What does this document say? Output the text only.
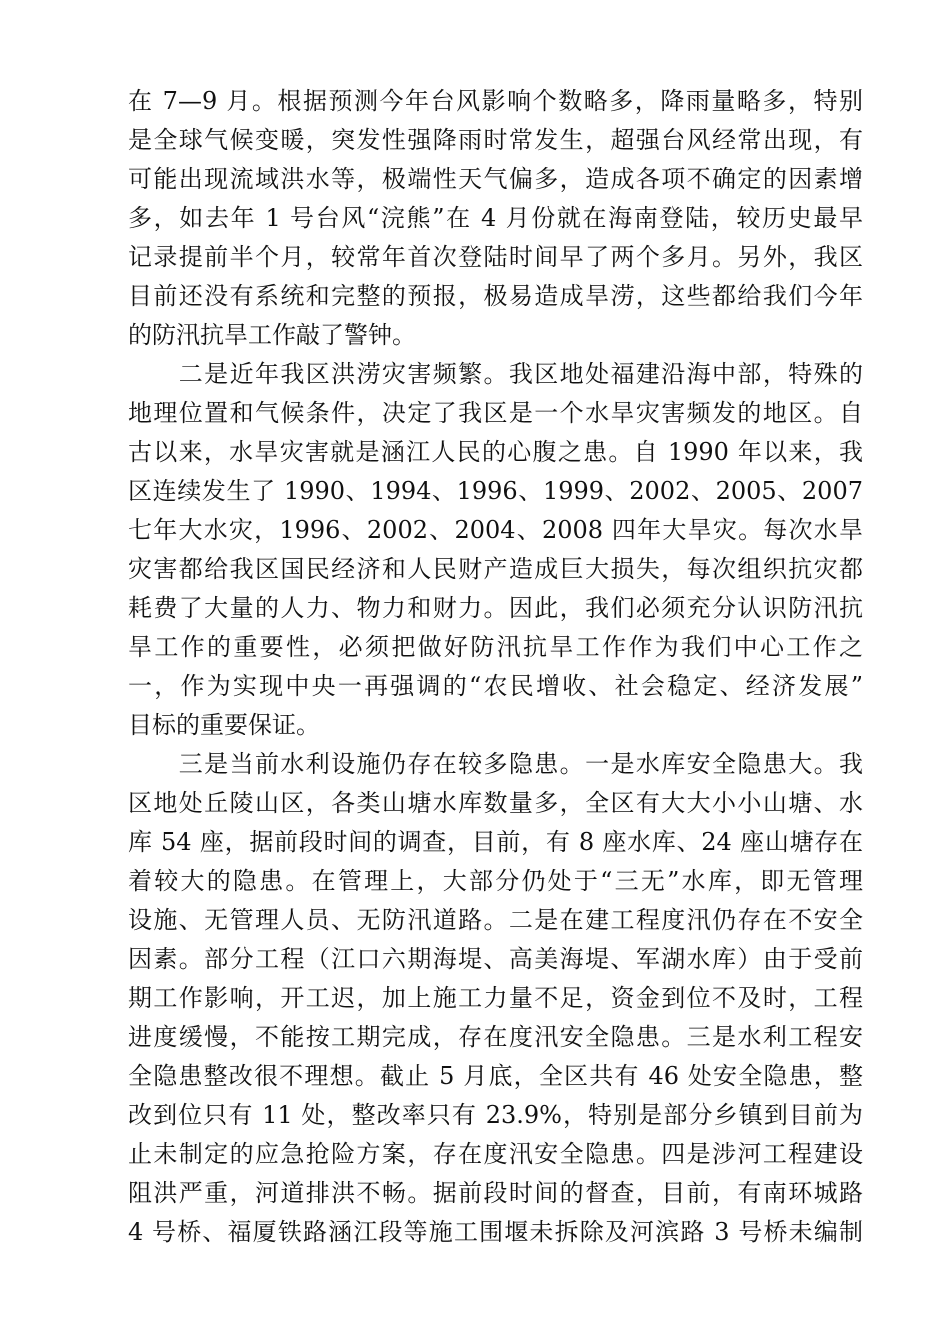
在 7—9 月。根据预测今年台风影响个数略多，降雨量略多，特别
是全球气候变暖，突发性强降雨时常发生，超强台风经常出现，有
可能出现流域洪水等，极端性天气偏多，造成各项不确定的因素增
多，如去年 1 号台风“浣熊”在 4 月份就在海南登陆，较历史最早
记录提前半个月，较常年首次登陆时间早了两个多月。另外，我区
目前还没有系统和完整的预报，极易造成旱涝，这些都给我们今年
的防汛抗旱工作敲了警钟。
　　二是近年我区洪涝灾害频繁。我区地处福建沿海中部，特殊的
地理位置和气候条件，决定了我区是一个水旱灾害频发的地区。自
古以来，水旱灾害就是涵江人民的心腹之患。自 1990 年以来，我
区连续发生了 1990、1994、1996、1999、2002、2005、2007
七年大水灾，1996、2002、2004、2008 四年大旱灾。每次水旱
灾害都给我区国民经济和人民财产造成巨大损失，每次组织抗灾都
耗费了大量的人力、物力和财力。因此，我们必须充分认识防汛抗
旱工作的重要性，必须把做好防汛抗旱工作作为我们中心工作之
一，作为实现中央一再强调的“农民增收、社会稳定、经济发展”
目标的重要保证。
　　三是当前水利设施仍存在较多隐患。一是水库安全隐患大。我
区地处丘陵山区，各类山塘水库数量多，全区有大大小小山塘、水
库 54 座，据前段时间的调查，目前，有 8 座水库、24 座山塘存在
着较大的隐患。在管理上，大部分仍处于“三无”水库，即无管理
设施、无管理人员、无防汛道路。二是在建工程度汛仍存在不安全
因素。部分工程（江口六期海堤、高美海堤、军湖水库）由于受前
期工作影响，开工迟，加上施工力量不足，资金到位不及时，工程
进度缓慢，不能按工期完成，存在度汛安全隐患。三是水利工程安
全隐患整改很不理想。截止 5 月底，全区共有 46 处安全隐患，整
改到位只有 11 处，整改率只有 23.9%，特别是部分乡镇到目前为
止未制定的应急抢险方案，存在度汛安全隐患。四是涉河工程建设
阻洪严重，河道排洪不畅。据前段时间的督查，目前，有南环城路
4 号桥、福厦铁路涵江段等施工围堰未拆除及河滨路 3 号桥未编制
